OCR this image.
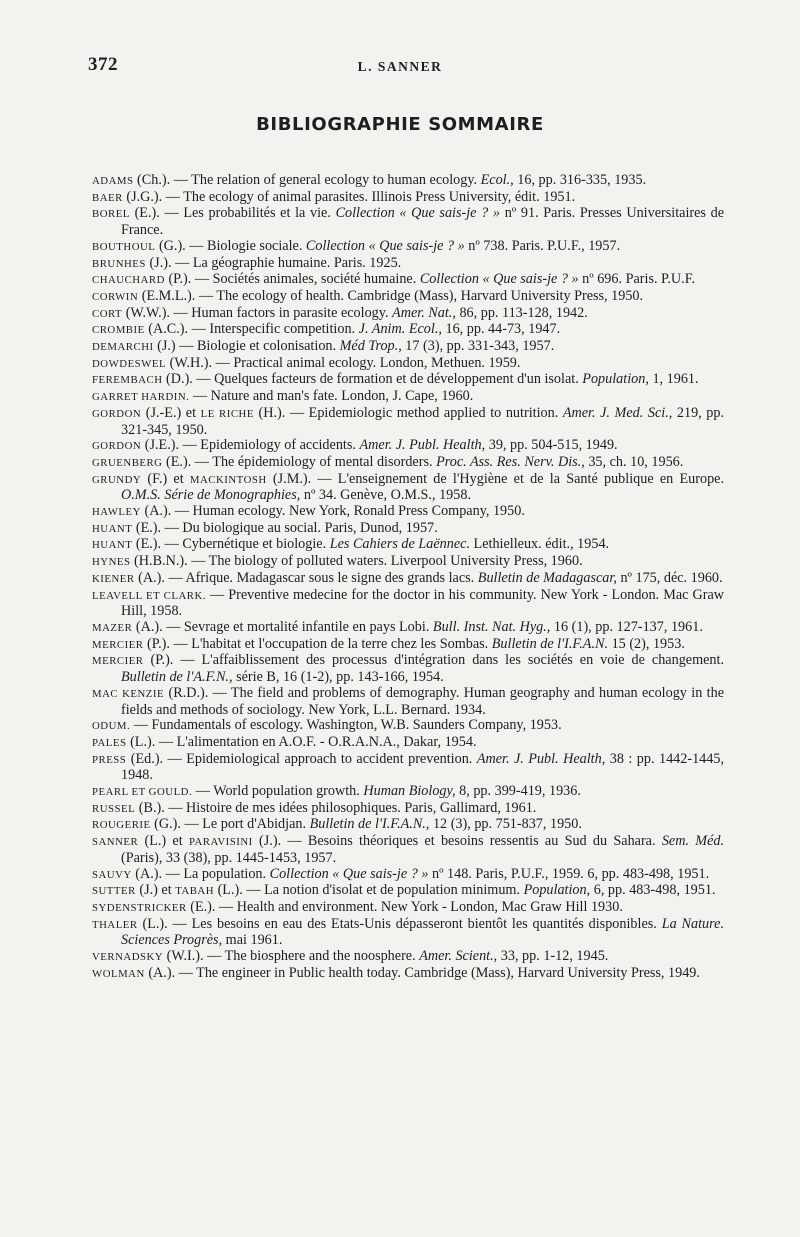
372	L. SANNER
BIBLIOGRAPHIE SOMMAIRE
ADAMS (Ch.). — The relation of general ecology to human ecology. Ecol., 16, pp. 316-335, 1935.
BAER (J.G.). — The ecology of animal parasites. Illinois Press University, édit. 1951.
BOREL (E.). — Les probabilités et la vie. Collection « Que sais-je ? » nº 91. Paris. Presses Universitaires de France.
BOUTHOUL (G.). — Biologie sociale. Collection « Que sais-je ? » nº 738. Paris. P.U.F., 1957.
BRUNHES (J.). — La géographie humaine. Paris. 1925.
CHAUCHARD (P.). — Sociétés animales, société humaine. Collection « Que sais-je ? » nº 696. Paris. P.U.F.
CORWIN (E.M.L.). — The ecology of health. Cambridge (Mass), Harvard University Press, 1950.
CORT (W.W.). — Human factors in parasite ecology. Amer. Nat., 86, pp. 113-128, 1942.
CROMBIE (A.C.). — Interspecific competition. J. Anim. Ecol., 16, pp. 44-73, 1947.
DEMARCHI (J.) — Biologie et colonisation. Méd Trop., 17 (3), pp. 331-343, 1957.
DOWDESWEL (W.H.). — Practical animal ecology. London, Methuen. 1959.
FEREMBACH (D.). — Quelques facteurs de formation et de développement d'un isolat. Population, 1, 1961.
GARRET HARDIN. — Nature and man's fate. London, J. Cape, 1960.
GORDON (J.-E.) et LE RICHE (H.). — Epidemiologic method applied to nutrition. Amer. J. Med. Sci., 219, pp. 321-345, 1950.
GORDON (J.E.). — Epidemiology of accidents. Amer. J. Publ. Health, 39, pp. 504-515, 1949.
GRUENBERG (E.). — The épidemiology of mental disorders. Proc. Ass. Res. Nerv. Dis., 35, ch. 10, 1956.
GRUNDY (F.) et MACKINTOSH (J.M.). — L'enseignement de l'Hygiène et de la Santé publique en Europe. O.M.S. Série de Monographies, nº 34. Genève, O.M.S., 1958.
HAWLEY (A.). — Human ecology. New York, Ronald Press Company, 1950.
HUANT (E.). — Du biologique au social. Paris, Dunod, 1957.
HUANT (E.). — Cybernétique et biologie. Les Cahiers de Laënnec. Lethielleux. édit., 1954.
HYNES (H.B.N.). — The biology of polluted waters. Liverpool University Press, 1960.
KIENER (A.). — Afrique. Madagascar sous le signe des grands lacs. Bulletin de Madagascar, nº 175, déc. 1960.
LEAVELL ET CLARK. — Preventive medecine for the doctor in his community. New York - London. Mac Graw Hill, 1958.
MAZER (A.). — Sevrage et mortalité infantile en pays Lobi. Bull. Inst. Nat. Hyg., 16 (1), pp. 127-137, 1961.
MERCIER (P.). — L'habitat et l'occupation de la terre chez les Sombas. Bulletin de l'I.F.A.N. 15 (2), 1953.
MERCIER (P.). — L'affaiblissement des processus d'intégration dans les sociétés en voie de changement. Bulletin de l'A.F.N., série B, 16 (1-2), pp. 143-166, 1954.
MAC KENZIE (R.D.). — The field and problems of demography. Human geography and human ecology in the fields and methods of sociology. New York, L.L. Bernard. 1934.
ODUM. — Fundamentals of escology. Washington, W.B. Saunders Company, 1953.
PALES (L.). — L'alimentation en A.O.F. - O.R.A.N.A., Dakar, 1954.
PRESS (Ed.). — Epidemiological approach to accident prevention. Amer. J. Publ. Health, 38 : pp. 1442-1445, 1948.
PEARL ET GOULD. — World population growth. Human Biology, 8, pp. 399-419, 1936.
RUSSEL (B.). — Histoire de mes idées philosophiques. Paris, Gallimard, 1961.
ROUGERIE (G.). — Le port d'Abidjan. Bulletin de l'I.F.A.N., 12 (3), pp. 751-837, 1950.
SANNER (L.) et PARAVISINI (J.). — Besoins théoriques et besoins ressentis au Sud du Sahara. Sem. Méd. (Paris), 33 (38), pp. 1445-1453, 1957.
SAUVY (A.). — La population. Collection « Que sais-je ? » nº 148. Paris, P.U.F., 1959. 6, pp. 483-498, 1951.
SUTTER (J.) et TABAH (L.). — La notion d'isolat et de population minimum. Population, 6, pp. 483-498, 1951.
SYDENSTRICKER (E.). — Health and environment. New York - London, Mac Graw Hill 1930.
THALER (L.). — Les besoins en eau des Etats-Unis dépasseront bientôt les quantités disponibles. La Nature. Sciences Progrès, mai 1961.
VERNADSKY (W.I.). — The biosphere and the noosphere. Amer. Scient., 33, pp. 1-12, 1945.
WOLMAN (A.). — The engineer in Public health today. Cambridge (Mass), Harvard University Press, 1949.
